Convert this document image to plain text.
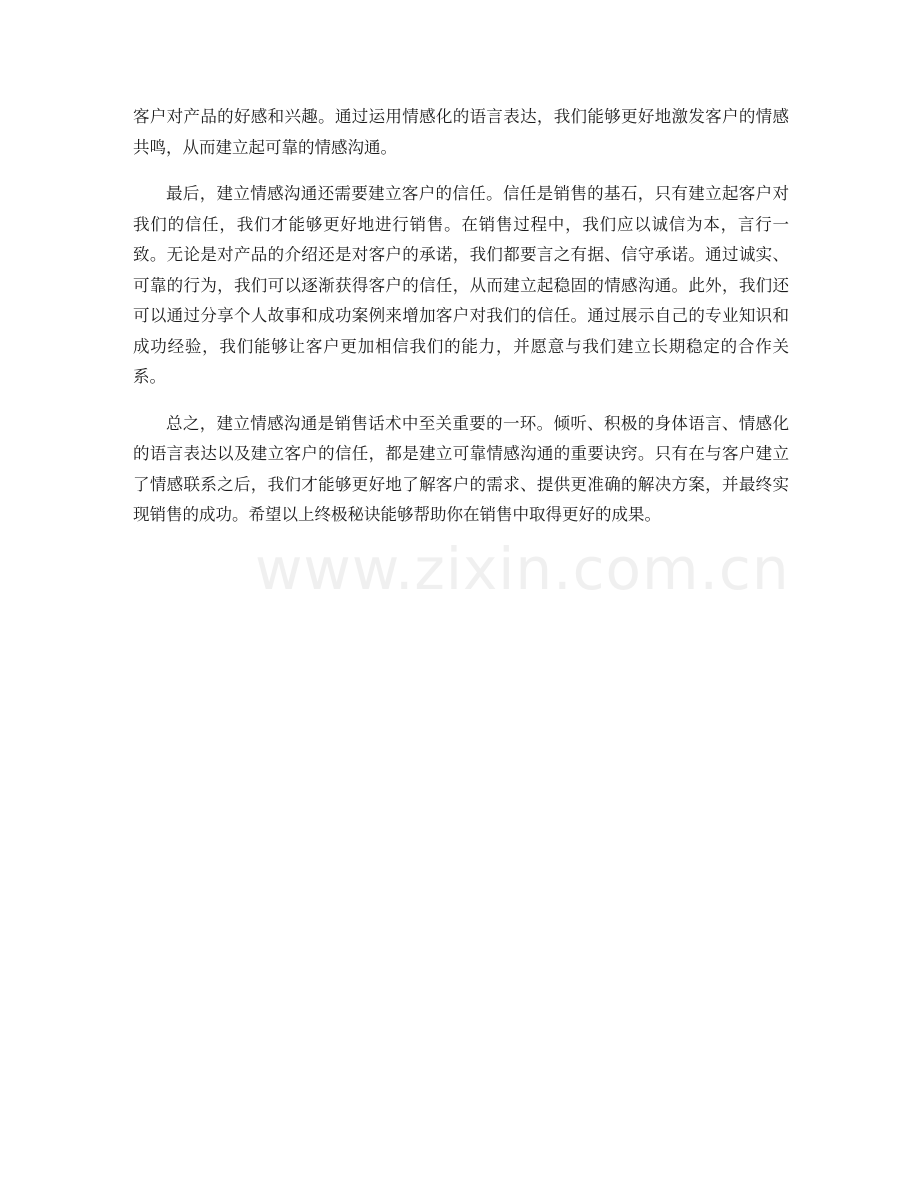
客户对产品的好感和兴趣。通过运用情感化的语言表达，我们能够更好地激发客户的情感共鸣，从而建立起可靠的情感沟通。

最后，建立情感沟通还需要建立客户的信任。信任是销售的基石，只有建立起客户对我们的信任，我们才能够更好地进行销售。在销售过程中，我们应以诚信为本，言行一致。无论是对产品的介绍还是对客户的承诺，我们都要言之有据、信守承诺。通过诚实、可靠的行为，我们可以逐渐获得客户的信任，从而建立起稳固的情感沟通。此外，我们还可以通过分享个人故事和成功案例来增加客户对我们的信任。通过展示自己的专业知识和成功经验，我们能够让客户更加相信我们的能力，并愿意与我们建立长期稳定的合作关系。

总之，建立情感沟通是销售话术中至关重要的一环。倾听、积极的身体语言、情感化的语言表达以及建立客户的信任，都是建立可靠情感沟通的重要诀窍。只有在与客户建立了情感联系之后，我们才能够更好地了解客户的需求、提供更准确的解决方案，并最终实现销售的成功。希望以上终极秘诀能够帮助你在销售中取得更好的成果。

www.zixin.com.cn
